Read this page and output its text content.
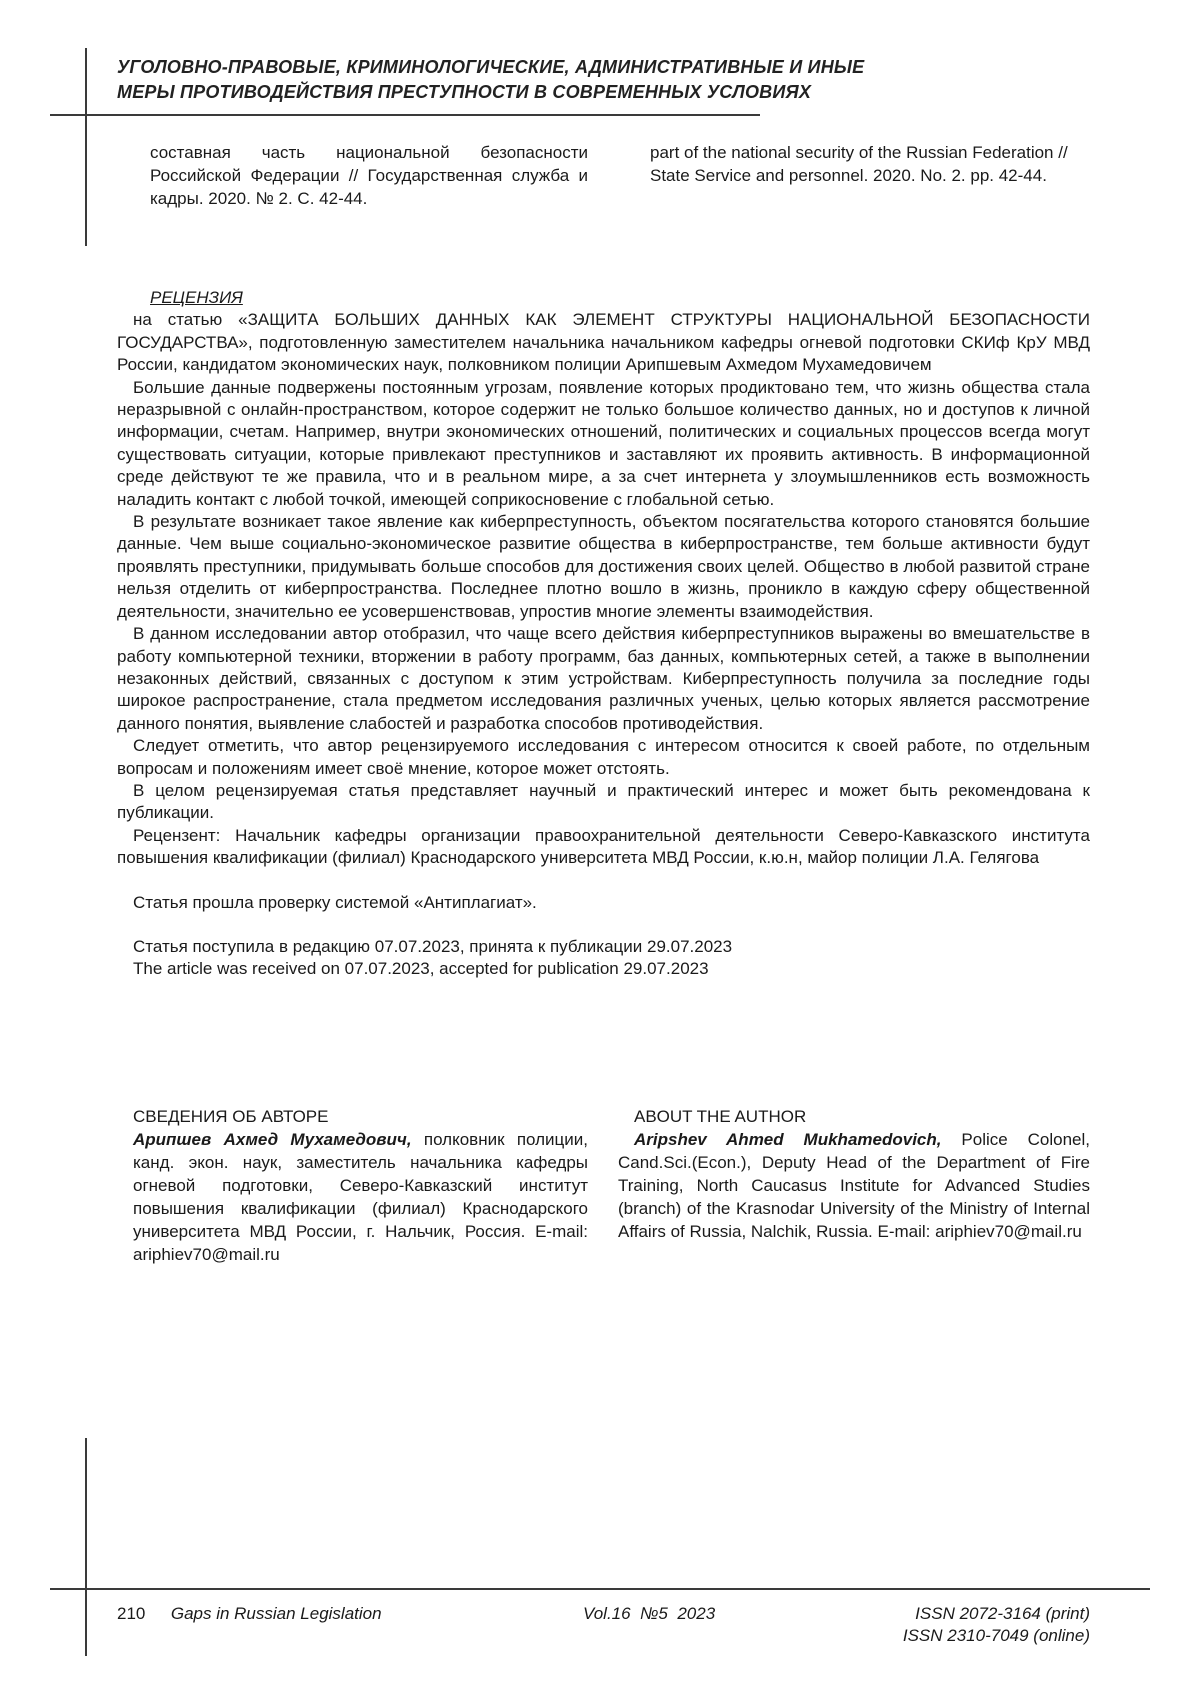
УГОЛОВНО-ПРАВОВЫЕ, КРИМИНОЛОГИЧЕСКИЕ, АДМИНИСТРАТИВНЫЕ И ИНЫЕ
МЕРЫ ПРОТИВОДЕЙСТВИЯ ПРЕСТУПНОСТИ В СОВРЕМЕННЫХ УСЛОВИЯХ
составная часть национальной безопасности Российской Федерации // Государственная служба и кадры. 2020. № 2. С. 42-44.
part of the national security of the Russian Federation // State Service and personnel. 2020. No. 2. pp. 42-44.

РЕЦЕНЗИЯ

на статью «ЗАЩИТА БОЛЬШИХ ДАННЫХ КАК ЭЛЕМЕНТ СТРУКТУРЫ НАЦИОНАЛЬНОЙ БЕЗОПАСНОСТИ ГОСУДАРСТВА», подготовленную заместителем начальника начальником кафедры огневой подготовки СКИф КрУ МВД России, кандидатом экономических наук, полковником полиции Арипшевым Ахмедом Мухамедовичем

Большие данные подвержены постоянным угрозам, появление которых продиктовано тем, что жизнь общества стала неразрывной с онлайн-пространством, которое содержит не только большое количество данных, но и доступов к личной информации, счетам. Например, внутри экономических отношений, политических и социальных процессов всегда могут существовать ситуации, которые привлекают преступников и заставляют их проявить активность. В информационной среде действуют те же правила, что и в реальном мире, а за счет интернета у злоумышленников есть возможность наладить контакт с любой точкой, имеющей соприкосновение с глобальной сетью.

В результате возникает такое явление как киберпреступность, объектом посягательства которого становятся большие данные. Чем выше социально-экономическое развитие общества в киберпространстве, тем больше активности будут проявлять преступники, придумывать больше способов для достижения своих целей. Общество в любой развитой стране нельзя отделить от киберпространства. Последнее плотно вошло в жизнь, проникло в каждую сферу общественной деятельности, значительно ее усовершенствовав, упростив многие элементы взаимодействия.

В данном исследовании автор отобразил, что чаще всего действия киберпреступников выражены во вмешательстве в работу компьютерной техники, вторжении в работу программ, баз данных, компьютерных сетей, а также в выполнении незаконных действий, связанных с доступом к этим устройствам. Киберпреступность получила за последние годы широкое распространение, стала предметом исследования различных ученых, целью которых является рассмотрение данного понятия, выявление слабостей и разработка способов противодействия.

Следует отметить, что автор рецензируемого исследования с интересом относится к своей работе, по отдельным вопросам и положениям имеет своё мнение, которое может отстоять.

В целом рецензируемая статья представляет научный и практический интерес и может быть рекомендована к публикации.

Рецензент: Начальник кафедры организации правоохранительной деятельности Северо-Кавказского института повышения квалификации (филиал) Краснодарского университета МВД России, к.ю.н, майор полиции Л.А. Гелягова

Статья прошла проверку системой «Антиплагиат».

Статья поступила в редакцию 07.07.2023, принята к публикации 29.07.2023

The article was received on 07.07.2023, accepted for publication 29.07.2023

СВЕДЕНИЯ ОБ АВТОРЕ

Арипшев Ахмед Мухамедович, полковник полиции, канд. экон. наук, заместитель начальника кафедры огневой подготовки, Северо-Кавказский институт повышения квалификации (филиал) Краснодарского университета МВД России, г. Нальчик, Россия. E-mail: ariphiev70@mail.ru

ABOUT THE AUTHOR

Aripshev Ahmed Mukhamedovich, Police Colonel, Cand.Sci.(Econ.), Deputy Head of the Department of Fire Training, North Caucasus Institute for Advanced Studies (branch) of the Krasnodar University of the Ministry of Internal Affairs of Russia, Nalchik, Russia. E-mail: ariphiev70@mail.ru

210 Gaps in Russian Legislation	Vol.16  №5  2023	ISSN 2072-3164 (print)
ISSN 2310-7049 (online)
